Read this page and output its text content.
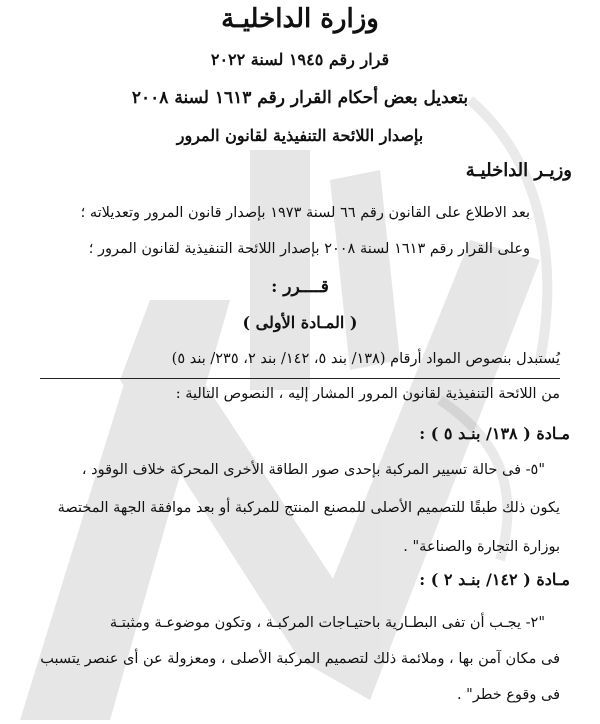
وزارة الداخليـة
قرار رقم ١٩٤٥ لسنة ٢٠٢٢
بتعديل بعض أحكام القرار رقم ١٦١٣ لسنة ٢٠٠٨
بإصدار اللائحة التنفيذية لقانون المرور
وزيـر الداخليـة
بعد الاطلاع على القانون رقم ٦٦ لسنة ١٩٧٣ بإصدار قانون المرور وتعديلاته ؛
وعلى القرار رقم ١٦١٣ لسنة ٢٠٠٨ بإصدار اللائحة التنفيذية لقانون المرور ؛
قــــرر :
( المـادة الأولى )
يُستبدل بنصوص المواد أرقام (١٣٨/ بند ٥، ١٤٢/ بند ٢، ٢٣٥/ بند ٥)
من اللائحة التنفيذية لقانون المرور المشار إليه ، النصوص التالية :
مـادة ( ١٣٨/ بنـد ٥ ) :
"٥- فى حالة تسيير المركبة بإحدى صور الطاقة الأخرى المحركة خلاف الوقود ،
يكون ذلك طبقًا للتصميم الأصلى للمصنع المنتج للمركبة أو بعد موافقة الجهة المختصة
بوزارة التجارة والصناعة" .
مـادة ( ١٤٢/ بنـد ٢ ) :
"٢- يجـب أن تفى البطـارية باحتيـاجات المركبـة ، وتكون موضوعـة ومثبتـة
فى مكان آمن بها ، وملائمة ذلك لتصميم المركبة الأصلى ، ومعزولة عن أى عنصر يتسبب
فى وقوع خطر" .
